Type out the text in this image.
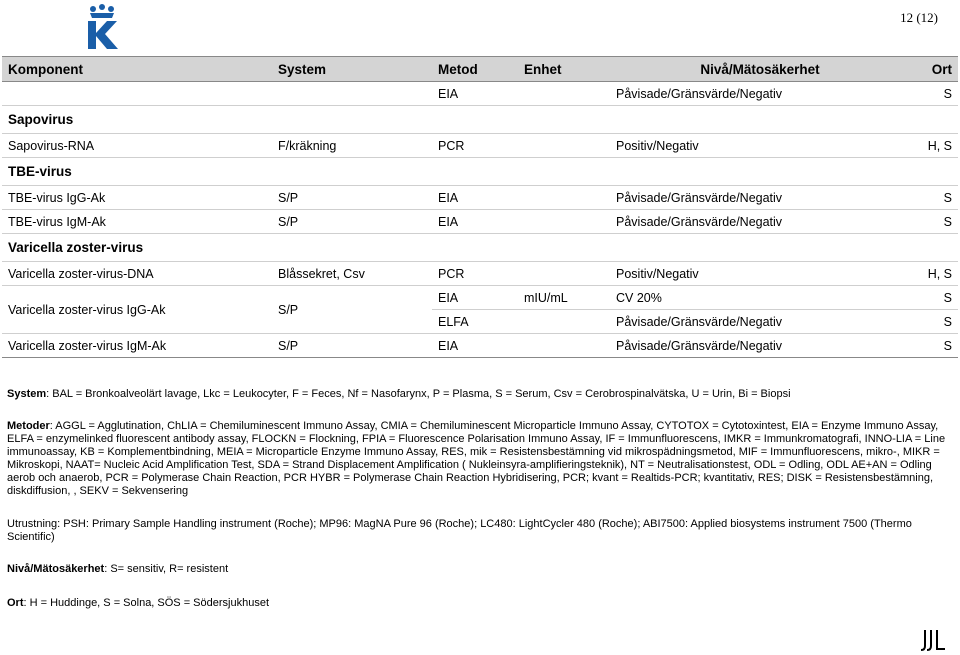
12 (12)
Komponent	System	Metod	Enhet	Nivå/Mätosäkerhet	Ort
		EIA		Påvisade/Gränsvärde/Negativ	S
Sapovirus					
Sapovirus-RNA	F/kräkning	PCR		Positiv/Negativ	H, S
TBE-virus					
TBE-virus IgG-Ak	S/P	EIA		Påvisade/Gränsvärde/Negativ	S
TBE-virus IgM-Ak	S/P	EIA		Påvisade/Gränsvärde/Negativ	S
Varicella zoster-virus					
Varicella zoster-virus-DNA	Blåssekret, Csv	PCR		Positiv/Negativ	H, S
Varicella zoster-virus IgG-Ak	S/P	EIA	mIU/mL	CV 20%	S
		ELFA		Påvisade/Gränsvärde/Negativ	S
Varicella zoster-virus IgM-Ak	S/P	EIA		Påvisade/Gränsvärde/Negativ	S
System: BAL = Bronkoalveolärt lavage, Lkc = Leukocyter, F = Feces, Nf = Nasofarynx, P = Plasma, S = Serum, Csv = Cerobrospinalvätska, U = Urin, Bi = Biopsi
Metoder: AGGL = Agglutination, ChLIA = Chemiluminescent Immuno Assay, CMIA = Chemiluminescent Microparticle Immuno Assay, CYTOTOX = Cytotoxintest, EIA = Enzyme Immuno Assay, ELFA = enzymelinked fluorescent antibody assay, FLOCKN = Flockning, FPIA = Fluorescence Polarisation Immuno Assay, IF = Immunfluorescens, IMKR = Immunkromatografi, INNO-LIA = Line immunoassay, KB = Komplementbindning, MEIA = Microparticle Enzyme Immuno Assay, RES, mik = Resistensbestämning vid mikrospädningsmetod, MIF = Immunfluorescens, mikro-, MIKR = Mikroskopi, NAAT= Nucleic Acid Amplification Test, SDA = Strand Displacement Amplification ( Nukleinsyra-amplifieringsteknik), NT = Neutralisationstest, ODL = Odling, ODL AE+AN = Odling aerob och anaerob, PCR = Polymerase Chain Reaction, PCR HYBR = Polymerase Chain Reaction Hybridisering, PCR; kvant = Realtids-PCR; kvantitativ, RES; DISK = Resistensbestämning, diskdiffusion, , SEKV = Sekvensering
Utrustning: PSH: Primary Sample Handling instrument (Roche); MP96: MagNA Pure 96 (Roche); LC480: LightCycler 480 (Roche); ABI7500: Applied biosystems instrument 7500 (Thermo Scientific)
Nivå/Mätosäkerhet: S= sensitiv, R= resistent
Ort: H = Huddinge, S = Solna, SÖS = Södersjukhuset
